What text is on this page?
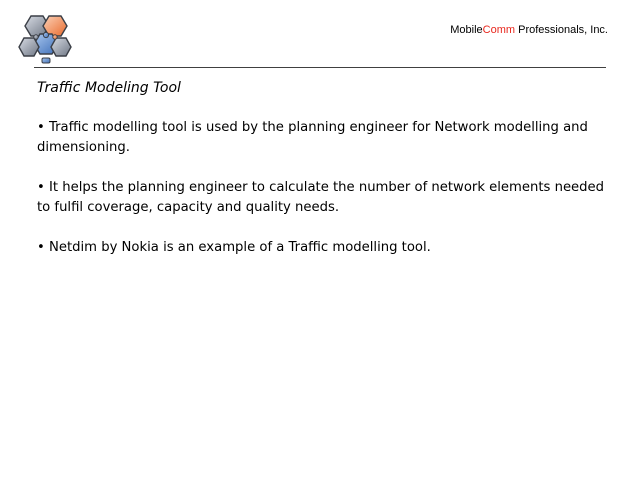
MobileComm Professionals, Inc.
Traffic Modeling Tool
• Traffic modelling tool is used by the planning engineer for Network modelling and dimensioning.
• It helps the planning engineer to calculate the number of network elements needed to fulfil coverage, capacity and quality needs.
• Netdim by Nokia is an example of a Traffic modelling tool.
